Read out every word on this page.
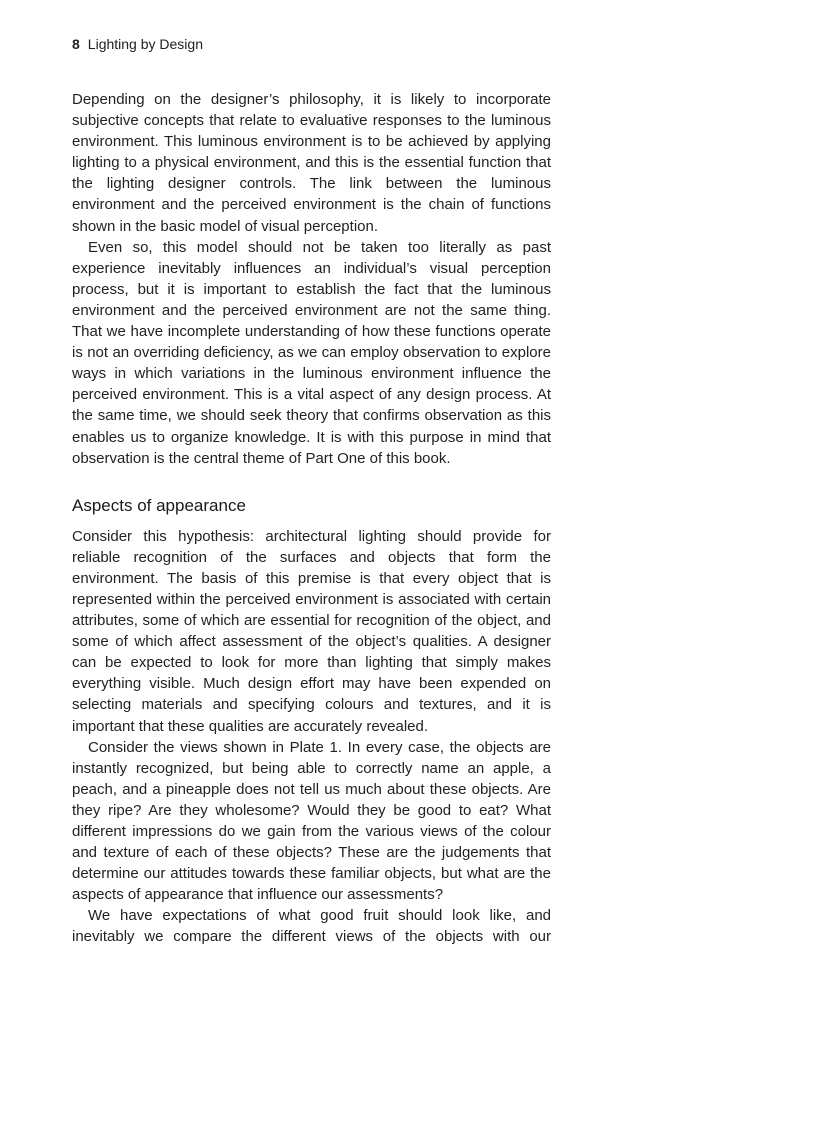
8 Lighting by Design

Depending on the designer’s philosophy, it is likely to incorporate subjective concepts that relate to evaluative responses to the luminous environment. This luminous environment is to be achieved by applying lighting to a physical environment, and this is the essential function that the lighting designer controls. The link between the luminous environment and the perceived environment is the chain of functions shown in the basic model of visual perception.

Even so, this model should not be taken too literally as past experience inevitably influences an individual’s visual perception process, but it is important to establish the fact that the luminous environment and the perceived environment are not the same thing. That we have incomplete understanding of how these functions operate is not an overriding deficiency, as we can employ observation to explore ways in which variations in the luminous environment influence the perceived environment. This is a vital aspect of any design process. At the same time, we should seek theory that confirms observation as this enables us to organize knowledge. It is with this purpose in mind that observation is the central theme of Part One of this book.

Aspects of appearance

Consider this hypothesis: architectural lighting should provide for reliable recognition of the surfaces and objects that form the environment. The basis of this premise is that every object that is represented within the perceived environment is associated with certain attributes, some of which are essential for recognition of the object, and some of which affect assessment of the object’s qualities. A designer can be expected to look for more than lighting that simply makes everything visible. Much design effort may have been expended on selecting materials and specifying colours and textures, and it is important that these qualities are accurately revealed.

Consider the views shown in Plate 1. In every case, the objects are instantly recognized, but being able to correctly name an apple, a peach, and a pineapple does not tell us much about these objects. Are they ripe? Are they wholesome? Would they be good to eat? What different impressions do we gain from the various views of the colour and texture of each of these objects? These are the judgements that determine our attitudes towards these familiar objects, but what are the aspects of appearance that influence our assessments?

We have expectations of what good fruit should look like, and inevitably we compare the different views of the objects with our
